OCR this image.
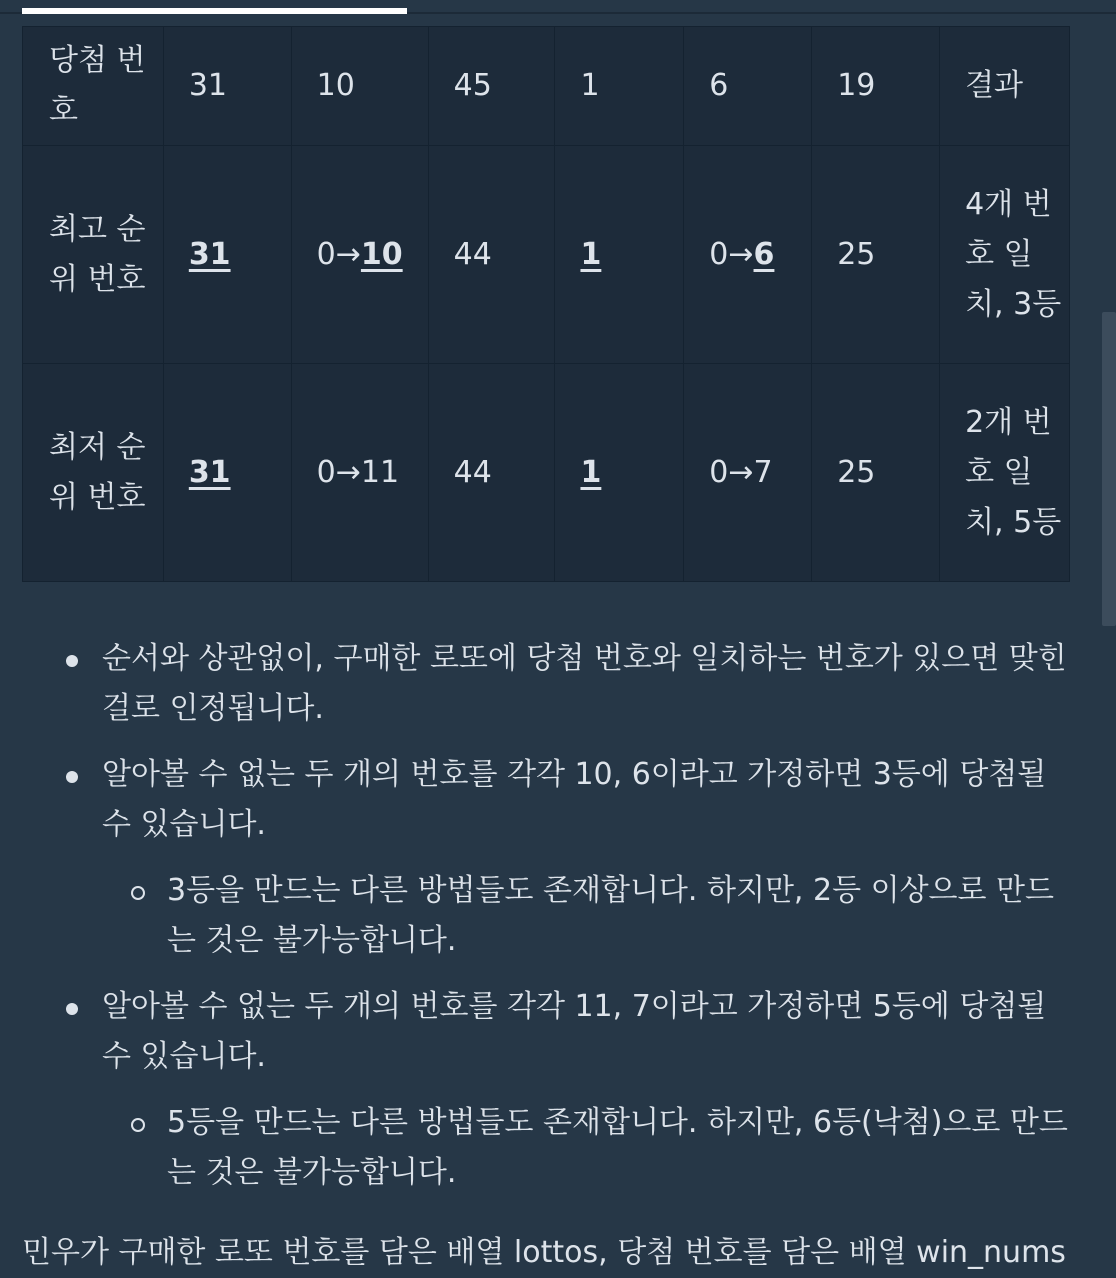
당첨 번호	31	10	45	1	6	19	결과
최고 순위 번호	31	0→10	44	1	0→6	25	4개 번호 일치, 3등
최저 순위 번호	31	0→11	44	1	0→7	25	2개 번호 일치, 5등
순서와 상관없이, 구매한 로또에 당첨 번호와 일치하는 번호가 있으면 맞힌 걸로 인정됩니다.
알아볼 수 없는 두 개의 번호를 각각 10, 6이라고 가정하면 3등에 당첨될 수 있습니다.
3등을 만드는 다른 방법들도 존재합니다. 하지만, 2등 이상으로 만드는 것은 불가능합니다.
알아볼 수 없는 두 개의 번호를 각각 11, 7이라고 가정하면 5등에 당첨될 수 있습니다.
5등을 만드는 다른 방법들도 존재합니다. 하지만, 6등(낙첨)으로 만드는 것은 불가능합니다.

민우가 구매한 로또 번호를 담은 배열 lottos, 당첨 번호를 담은 배열 win_nums
